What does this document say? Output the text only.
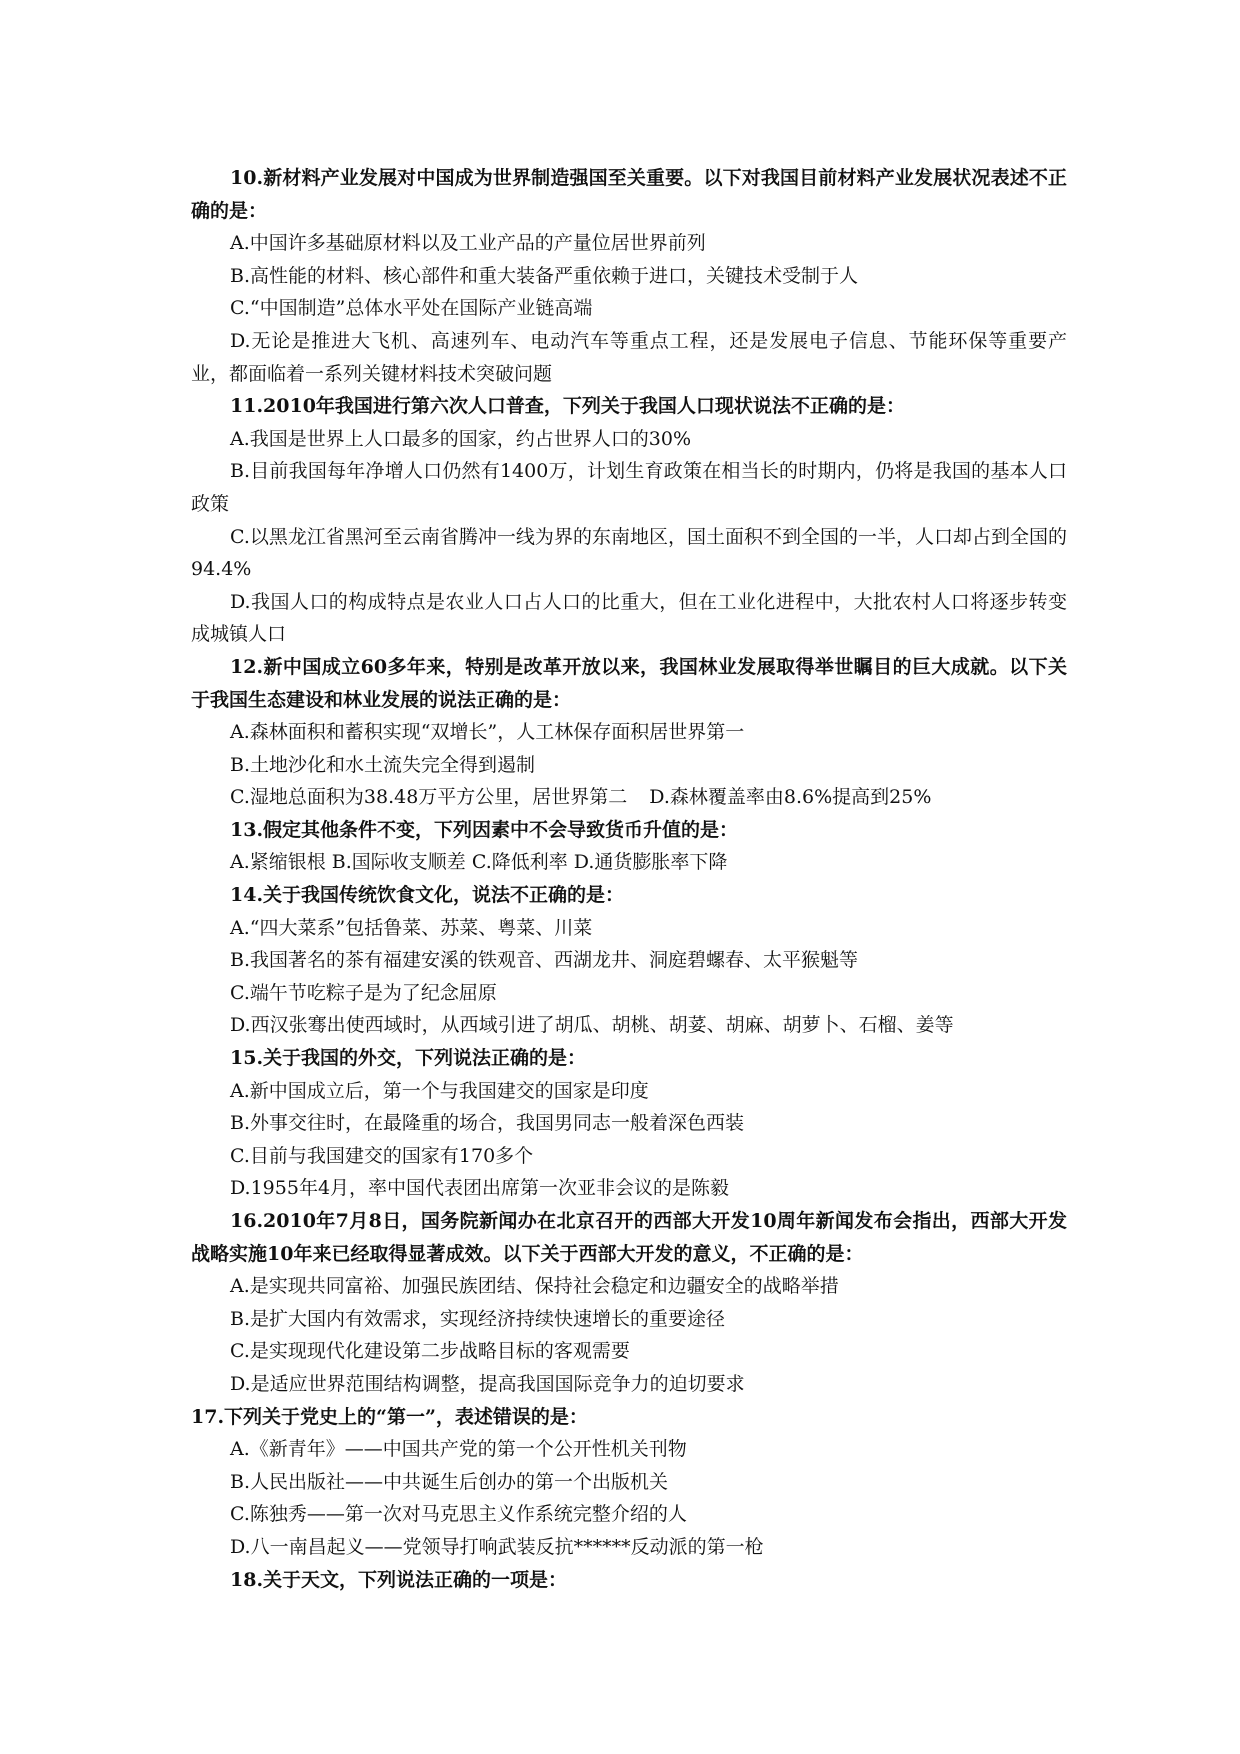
10.新材料产业发展对中国成为世界制造强国至关重要。以下对我国目前材料产业发展状况表述不正确的是：

A.中国许多基础原材料以及工业产品的产量位居世界前列

B.高性能的材料、核心部件和重大装备严重依赖于进口，关键技术受制于人

C.“中国制造”总体水平处在国际产业链高端

D.无论是推进大飞机、高速列车、电动汽车等重点工程，还是发展电子信息、节能环保等重要产业，都面临着一系列关键材料技术突破问题

11.2010年我国进行第六次人口普查，下列关于我国人口现状说法不正确的是：

A.我国是世界上人口最多的国家，约占世界人口的30%

B.目前我国每年净增人口仍然有1400万，计划生育政策在相当长的时期内，仍将是我国的基本人口政策

C.以黑龙江省黑河至云南省腾冲一线为界的东南地区，国土面积不到全国的一半，人口却占到全国的94.4%

D.我国人口的构成特点是农业人口占人口的比重大，但在工业化进程中，大批农村人口将逐步转变成城镇人口

12.新中国成立60多年来，特别是改革开放以来，我国林业发展取得举世瞩目的巨大成就。以下关于我国生态建设和林业发展的说法正确的是：

A.森林面积和蓄积实现“双增长”，人工林保存面积居世界第一

B.土地沙化和水土流失完全得到遏制

C.湿地总面积为38.48万平方公里，居世界第二 D.森林覆盖率由8.6%提高到25%

13.假定其他条件不变，下列因素中不会导致货币升值的是：

A.紧缩银根 B.国际收支顺差 C.降低利率 D.通货膨胀率下降

14.关于我国传统饮食文化，说法不正确的是：

A.“四大菜系”包括鲁菜、苏菜、粤菜、川菜

B.我国著名的茶有福建安溪的铁观音、西湖龙井、洞庭碧螺春、太平猴魁等

C.端午节吃粽子是为了纪念屈原

D.西汉张骞出使西域时，从西域引进了胡瓜、胡桃、胡荽、胡麻、胡萝卜、石榴、姜等

15.关于我国的外交，下列说法正确的是：

A.新中国成立后，第一个与我国建交的国家是印度

B.外事交往时，在最隆重的场合，我国男同志一般着深色西装

C.目前与我国建交的国家有170多个

D.1955年4月，率中国代表团出席第一次亚非会议的是陈毅

16.2010年7月8日，国务院新闻办在北京召开的西部大开发10周年新闻发布会指出，西部大开发战略实施10年来已经取得显著成效。以下关于西部大开发的意义，不正确的是：

A.是实现共同富裕、加强民族团结、保持社会稳定和边疆安全的战略举措

B.是扩大国内有效需求，实现经济持续快速增长的重要途径

C.是实现现代化建设第二步战略目标的客观需要

D.是适应世界范围结构调整，提高我国国际竞争力的迫切要求

17.下列关于党史上的“第一”，表述错误的是：

A.《新青年》——中国共产党的第一个公开性机关刊物

B.人民出版社——中共诞生后创办的第一个出版机关

C.陈独秀——第一次对马克思主义作系统完整介绍的人

D.八一南昌起义——党领导打响武装反抗******反动派的第一枪

18.关于天文，下列说法正确的一项是：
